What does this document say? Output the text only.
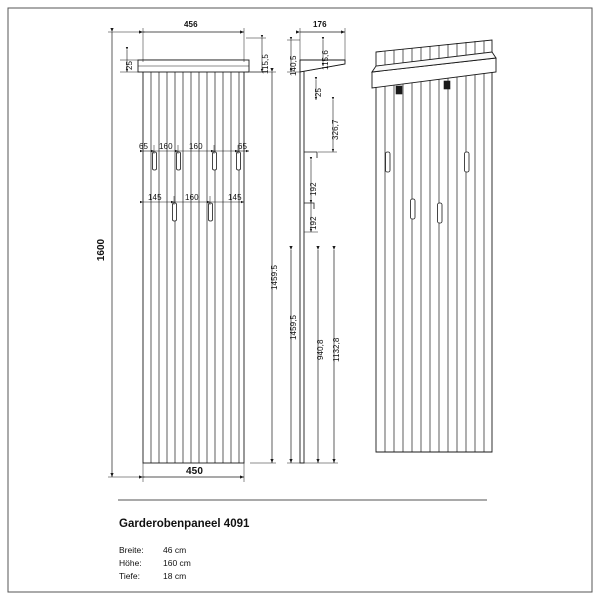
456
450
1600
1459.5
25	115,5
65 160 160	65
145	160	145
176
140,5	115,6
25
326,7
192
192
1459,5
940,8 1132,8
Garderobenpaneel 4091
Breite: 46 cm
Höhe:	160 cm
Tiefe:	18 cm
